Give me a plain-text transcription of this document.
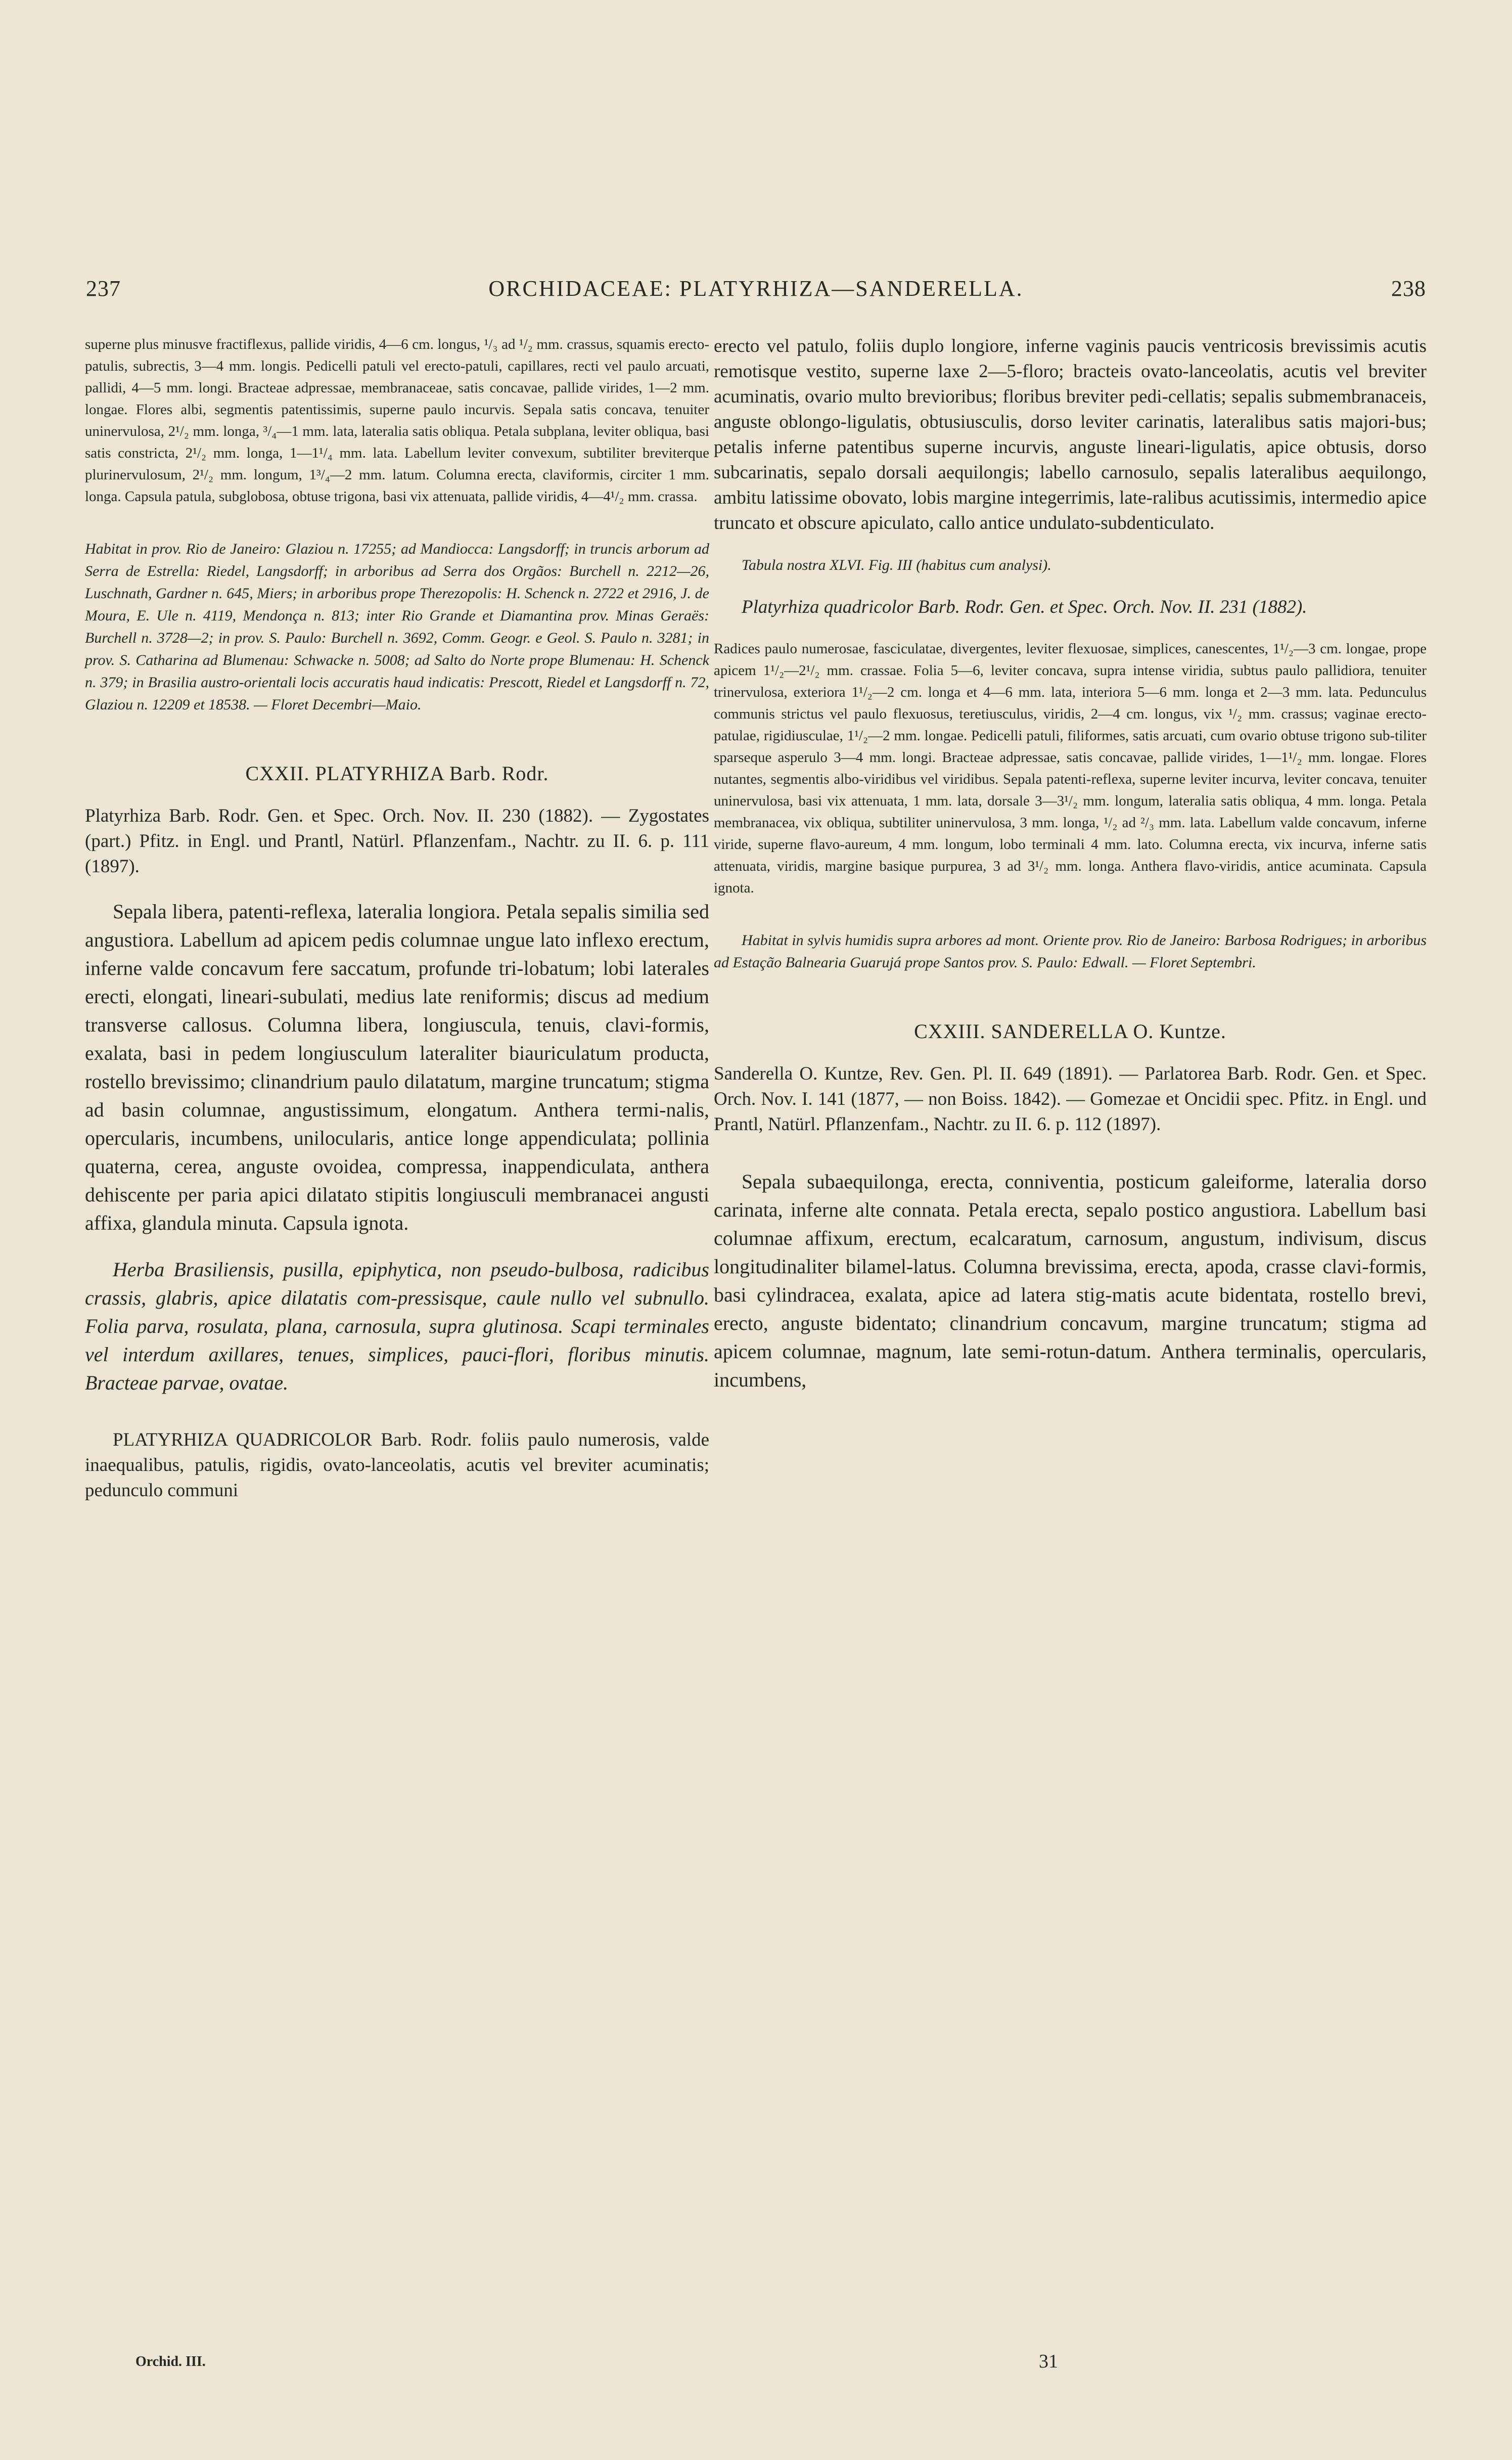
237	ORCHIDACEAE: PLATYRHIZA—SANDERELLA.	238

superne plus minusve fractiflexus, pallide viridis, 4—6 cm. longus, ¹/₃ ad ¹/₂ mm. crassus, squamis erecto-patulis, subrectis, 3—4 mm. longis. Pedicelli patuli vel erecto-patuli, capillares, recti vel paulo arcuati, pallidi, 4—5 mm. longi. Bracteae adpressae, membranaceae, satis concavae, pallide virides, 1—2 mm. longae. Flores albi, segmentis patentissimis, superne paulo incurvis. Sepala satis concava, tenuiter uninervulosa, 2¹/₂ mm. longa, ³/₄—1 mm. lata, lateralia satis obliqua. Petala subplana, leviter obliqua, basi satis constricta, 2¹/₂ mm. longa, 1—1¹/₄ mm. lata. Labellum leviter convexum, subtiliter breviterque plurinervulosum, 2¹/₂ mm. longum, 1³/₄—2 mm. latum. Columna erecta, claviformis, circiter 1 mm. longa. Capsula patula, subglobosa, obtuse trigona, basi vix attenuata, pallide viridis, 4—4¹/₂ mm. crassa.

Habitat in prov. Rio de Janeiro: Glaziou n. 17255; ad Mandiocca: Langsdorff; in truncis arborum ad Serra de Estrella: Riedel, Langsdorff; in arboribus ad Serra dos Orgãos: Burchell n. 2212—26, Luschnath, Gardner n. 645, Miers; in arboribus prope Therezopolis: H. Schenck n. 2722 et 2916, J. de Moura, E. Ule n. 4119, Mendonça n. 813; inter Rio Grande et Diamantina prov. Minas Geraës: Burchell n. 3728—2; in prov. S. Paulo: Burchell n. 3692, Comm. Geogr. e Geol. S. Paulo n. 3281; in prov. S. Catharina ad Blumenau: Schwacke n. 5008; ad Salto do Norte prope Blumenau: H. Schenck n. 379; in Brasilia austro-orientali locis accuratis haud indicatis: Prescott, Riedel et Langsdorff n. 72, Glaziou n. 12209 et 18538. — Floret Decembri—Maio.

CXXII. PLATYRHIZA Barb. Rodr.

Platyrhiza Barb. Rodr. Gen. et Spec. Orch. Nov. II. 230 (1882). — Zygostates (part.) Pfitz. in Engl. und Prantl, Natürl. Pflanzenfam., Nachtr. zu II. 6. p. 111 (1897).

Sepala libera, patenti-reflexa, lateralia longiora. Petala sepalis similia sed angustiora. Labellum ad apicem pedis columnae ungue lato inflexo erectum, inferne valde concavum fere saccatum, profunde tri-lobatum; lobi laterales erecti, elongati, lineari-subulati, medius late reniformis; discus ad medium transverse callosus. Columna libera, longiuscula, tenuis, clavi-formis, exalata, basi in pedem longiusculum lateraliter biauriculatum producta, rostello brevissimo; clinandrium paulo dilatatum, margine truncatum; stigma ad basin columnae, angustissimum, elongatum. Anthera termi-nalis, opercularis, incumbens, unilocularis, antice longe appendiculata; pollinia quaterna, cerea, anguste ovoidea, compressa, inappendiculata, anthera dehiscente per paria apici dilatato stipitis longiusculi membranacei angusti affixa, glandula minuta. Capsula ignota.

Herba Brasiliensis, pusilla, epiphytica, non pseudo-bulbosa, radicibus crassis, glabris, apice dilatatis com-pressisque, caule nullo vel subnullo. Folia parva, rosulata, plana, carnosula, supra glutinosa. Scapi terminales vel interdum axillares, tenues, simplices, pauci-flori, floribus minutis. Bracteae parvae, ovatae.

PLATYRHIZA QUADRICOLOR Barb. Rodr. foliis paulo numerosis, valde inaequalibus, patulis, rigidis, ovato-lanceolatis, acutis vel breviter acuminatis; pedunculo communi

erecto vel patulo, foliis duplo longiore, inferne vaginis paucis ventricosis brevissimis acutis remotisque vestito, superne laxe 2—5-floro; bracteis ovato-lanceolatis, acutis vel breviter acuminatis, ovario multo brevioribus; floribus breviter pedi-cellatis; sepalis submembranaceis, anguste oblongo-ligulatis, obtusiusculis, dorso leviter carinatis, lateralibus satis majori-bus; petalis inferne patentibus superne incurvis, anguste lineari-ligulatis, apice obtusis, dorso subcarinatis, sepalo dorsali aequilongis; labello carnosulo, sepalis lateralibus aequilongo, ambitu latissime obovato, lobis margine integerrimis, late-ralibus acutissimis, intermedio apice truncato et obscure apiculato, callo antice undulato-subdenticulato.

Tabula nostra XLVI. Fig. III (habitus cum analysi).

Platyrhiza quadricolor Barb. Rodr. Gen. et Spec. Orch. Nov. II. 231 (1882).

Radices paulo numerosae, fasciculatae, divergentes, leviter flexuosae, simplices, canescentes, 1¹/₂—3 cm. longae, prope apicem 1¹/₂—2¹/₂ mm. crassae. Folia 5—6, leviter concava, supra intense viridia, subtus paulo pallidiora, tenuiter trinervulosa, exteriora 1¹/₂—2 cm. longa et 4—6 mm. lata, interiora 5—6 mm. longa et 2—3 mm. lata. Pedunculus communis strictus vel paulo flexuosus, teretiusculus, viridis, 2—4 cm. longus, vix ¹/₂ mm. crassus; vaginae erecto-patulae, rigidiusculae, 1¹/₂—2 mm. longae. Pedicelli patuli, filiformes, satis arcuati, cum ovario obtuse trigono sub-tiliter sparseque asperulo 3—4 mm. longi. Bracteae adpressae, satis concavae, pallide virides, 1—1¹/₂ mm. longae. Flores nutantes, segmentis albo-viridibus vel viridibus. Sepala patenti-reflexa, superne leviter incurva, leviter concava, tenuiter uninervulosa, basi vix attenuata, 1 mm. lata, dorsale 3—3¹/₂ mm. longum, lateralia satis obliqua, 4 mm. longa. Petala membranacea, vix obliqua, subtiliter uninervulosa, 3 mm. longa, ¹/₂ ad ²/₃ mm. lata. Labellum valde concavum, inferne viride, superne flavo-aureum, 4 mm. longum, lobo terminali 4 mm. lato. Columna erecta, vix incurva, inferne satis attenuata, viridis, margine basique purpurea, 3 ad 3¹/₂ mm. longa. Anthera flavo-viridis, antice acuminata. Capsula ignota.

Habitat in sylvis humidis supra arbores ad mont. Oriente prov. Rio de Janeiro: Barbosa Rodrigues; in arboribus ad Estação Balnearia Guarujá prope Santos prov. S. Paulo: Edwall. — Floret Septembri.

CXXIII. SANDERELLA O. Kuntze.

Sanderella O. Kuntze, Rev. Gen. Pl. II. 649 (1891). — Parlatorea Barb. Rodr. Gen. et Spec. Orch. Nov. I. 141 (1877, — non Boiss. 1842). — Gomezae et Oncidii spec. Pfitz. in Engl. und Prantl, Natürl. Pflanzenfam., Nachtr. zu II. 6. p. 112 (1897).

Sepala subaequilonga, erecta, conniventia, posticum galeiforme, lateralia dorso carinata, inferne alte connata. Petala erecta, sepalo postico angustiora. Labellum basi columnae affixum, erectum, ecalcaratum, carnosum, angustum, indivisum, discus longitudinaliter bilamel-latus. Columna brevissima, erecta, apoda, crasse clavi-formis, basi cylindracea, exalata, apice ad latera stig-matis acute bidentata, rostello brevi, erecto, anguste bidentato; clinandrium concavum, margine truncatum; stigma ad apicem columnae, magnum, late semi-rotun-datum. Anthera terminalis, opercularis, incumbens,

Orchid. III.	31
